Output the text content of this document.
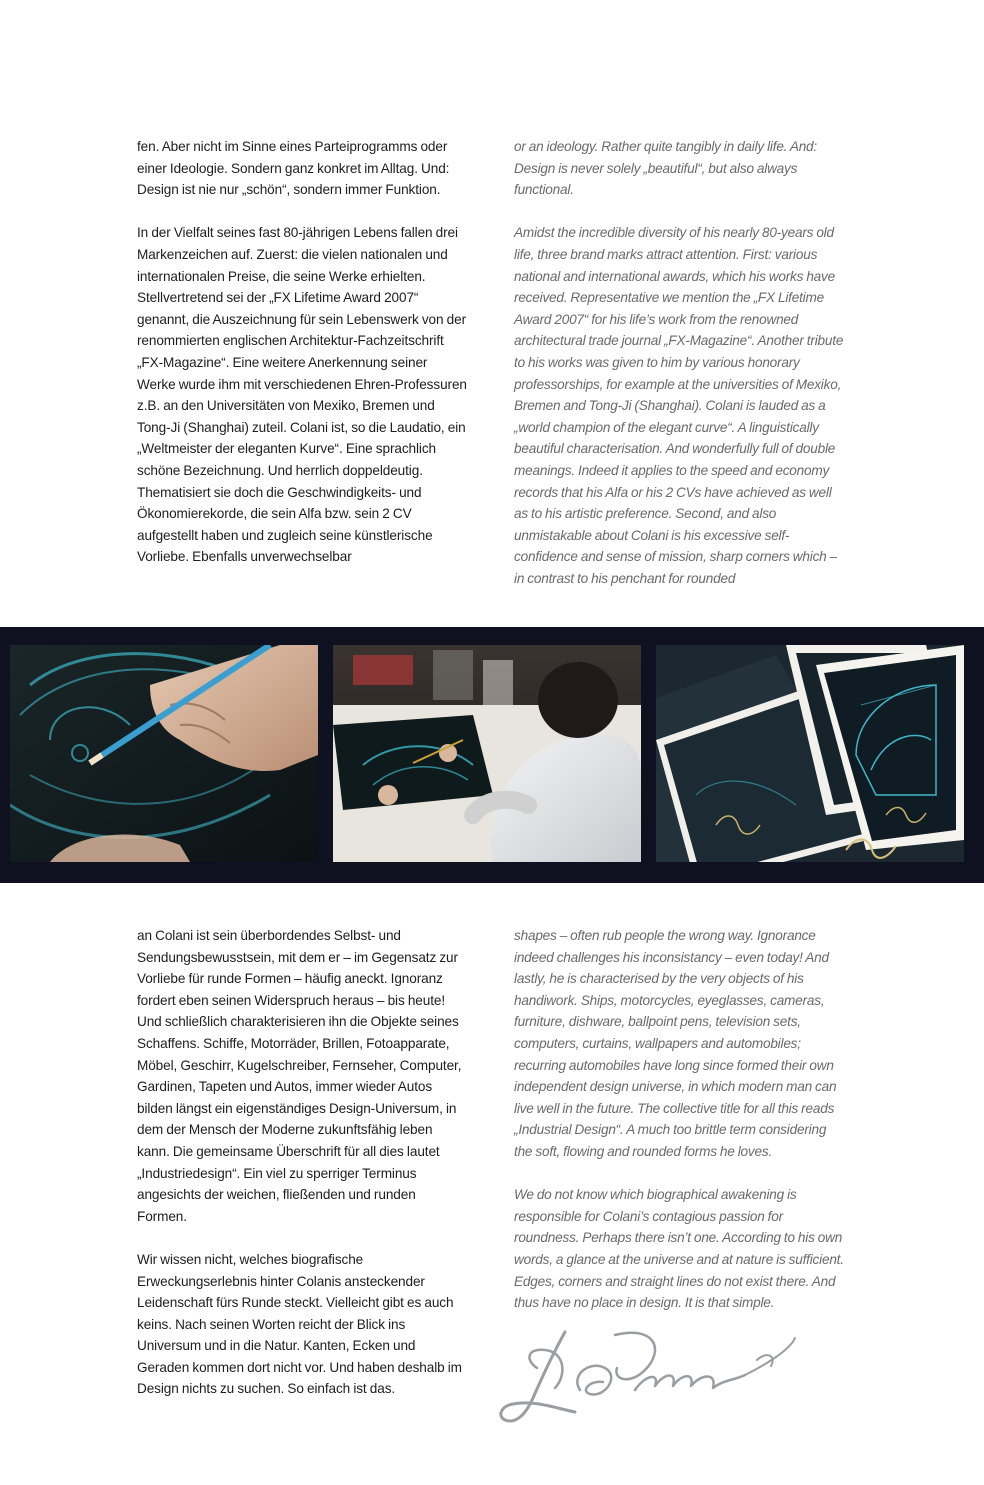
fen. Aber nicht im Sinne eines Parteiprogramms oder einer Ideologie. Sondern ganz konkret im Alltag. Und: Design ist nie nur „schön“, sondern immer Funktion.

In der Vielfalt seines fast 80-jährigen Lebens fallen drei Markenzeichen auf. Zuerst: die vielen nationalen und internationalen Preise, die seine Werke erhielten. Stellvertretend sei der „FX Lifetime Award 2007“ genannt, die Auszeichnung für sein Lebenswerk von der renommierten englischen Architektur-Fachzeitschrift „FX-Magazine“. Eine weitere Anerkennung seiner Werke wurde ihm mit verschiedenen Ehren-Professuren z.B. an den Universitäten von Mexiko, Bremen und Tong-Ji (Shanghai) zuteil. Colani ist, so die Laudatio, ein „Weltmeister der eleganten Kurve“. Eine sprachlich schöne Bezeichnung. Und herrlich doppeldeutig. Thematisiert sie doch die Geschwindigkeits- und Ökonomierekorde, die sein Alfa bzw. sein 2 CV aufgestellt haben und zugleich seine künstlerische Vorliebe. Ebenfalls unverwechselbar

or an ideology. Rather quite tangibly in daily life. And: Design is never solely „beautiful“, but also always functional.

Amidst the incredible diversity of his nearly 80-years old life, three brand marks attract attention. First: various national and international awards, which his works have received. Representative we mention the „FX Lifetime Award 2007“ for his life’s work from the renowned architectural trade journal „FX-Magazine“. Another tribute to his works was given to him by various honorary professorships, for example at the universities of Mexiko, Bremen and Tong-Ji (Shanghai). Colani is lauded as a „world champion of the elegant curve“. A linguistically beautiful characterisation. And wonderfully full of double meanings. Indeed it applies to the speed and economy records that his Alfa or his 2 CVs have achieved as well as to his artistic preference. Second, and also unmistakable about Colani is his excessive self-confidence and sense of mission, sharp corners which – in contrast to his penchant for rounded

an Colani ist sein überbordendes Selbst- und Sendungsbewusstsein, mit dem er – im Gegensatz zur Vorliebe für runde Formen – häufig aneckt. Ignoranz fordert eben seinen Widerspruch heraus – bis heute! Und schließlich charakterisieren ihn die Objekte seines Schaffens. Schiffe, Motorräder, Brillen, Fotoapparate, Möbel, Geschirr, Kugelschreiber, Fernseher, Computer, Gardinen, Tapeten und Autos, immer wieder Autos bilden längst ein eigenständiges Design-Universum, in dem der Mensch der Moderne zukunftsfähig leben kann. Die gemeinsame Überschrift für all dies lautet „Industriedesign“. Ein viel zu sperriger Terminus angesichts der weichen, fließenden und runden Formen.

Wir wissen nicht, welches biografische Erweckungserlebnis hinter Colanis ansteckender Leidenschaft fürs Runde steckt. Vielleicht gibt es auch keins. Nach seinen Worten reicht der Blick ins Universum und in die Natur. Kanten, Ecken und Geraden kommen dort nicht vor. Und haben deshalb im Design nichts zu suchen. So einfach ist das.

shapes – often rub people the wrong way. Ignorance indeed challenges his inconsistancy – even today! And lastly, he is characterised by the very objects of his handiwork. Ships, motorcycles, eyeglasses, cameras, furniture, dishware, ballpoint pens, television sets, computers, curtains, wallpapers and automobiles; recurring automobiles have long since formed their own independent design universe, in which modern man can live well in the future. The collective title for all this reads „Industrial Design“. A much too brittle term considering the soft, flowing and rounded forms he loves.

We do not know which biographical awakening is responsible for Colani’s contagious passion for roundness. Perhaps there isn’t one. According to his own words, a glance at the universe and at nature is sufficient. Edges, corners and straight lines do not exist there. And thus have no place in design. It is that simple.
